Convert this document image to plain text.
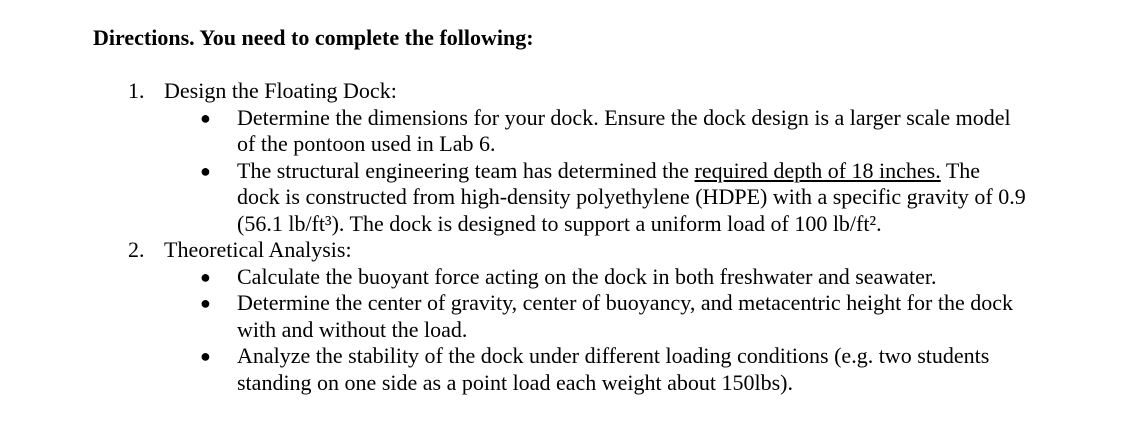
Directions. You need to complete the following:
1. Design the Floating Dock:
● Determine the dimensions for your dock. Ensure the dock design is a larger scale model of the pontoon used in Lab 6.
● The structural engineering team has determined the required depth of 18 inches. The dock is constructed from high-density polyethylene (HDPE) with a specific gravity of 0.9 (56.1 lb/ft³). The dock is designed to support a uniform load of 100 lb/ft².
2. Theoretical Analysis:
● Calculate the buoyant force acting on the dock in both freshwater and seawater.
● Determine the center of gravity, center of buoyancy, and metacentric height for the dock with and without the load.
● Analyze the stability of the dock under different loading conditions (e.g. two students standing on one side as a point load each weight about 150lbs).
